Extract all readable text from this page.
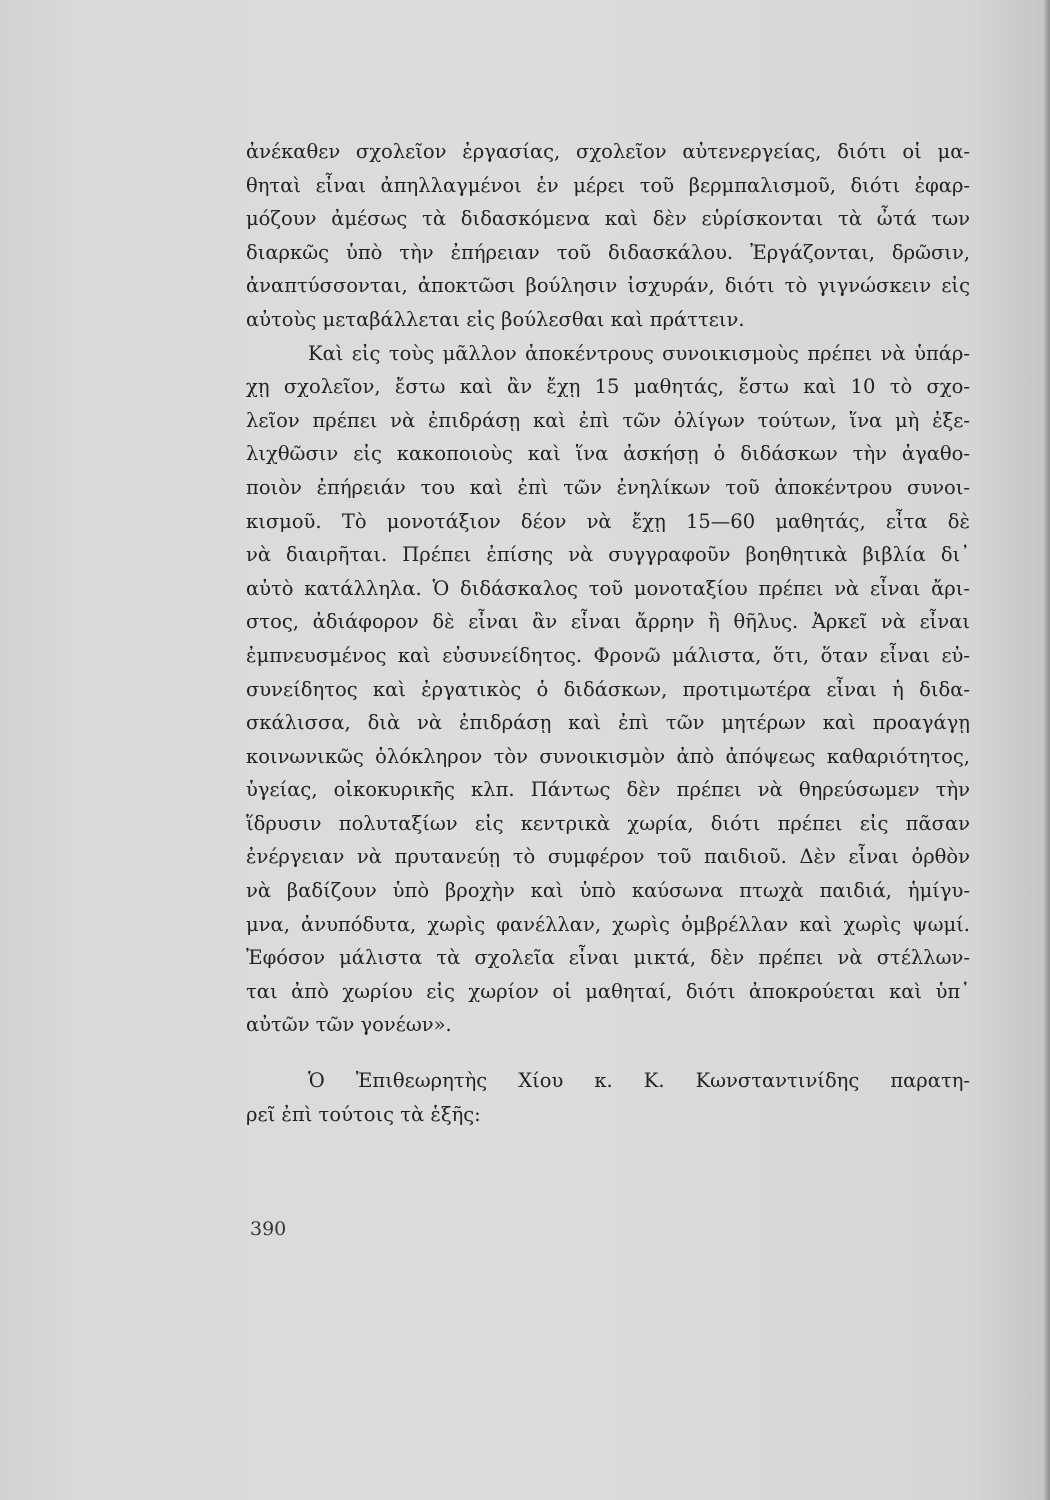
ἀνέκαθεν σχολεῖον ἐργασίας, σχολεῖον αὐτενεργείας, διότι οἱ μα-
θηταὶ εἶναι ἀπηλλαγμένοι ἐν μέρει τοῦ βερμπαλισμοῦ, διότι ἐφαρ-
μόζουν ἀμέσως τὰ διδασκόμενα καὶ δὲν εὑρίσκονται τὰ ὦτά των
διαρκῶς ὑπὸ τὴν ἐπήρειαν τοῦ διδασκάλου. Ἐργάζονται, δρῶσιν,
ἀναπτύσσονται, ἀποκτῶσι βούλησιν ἰσχυράν, διότι τὸ γιγνώσκειν εἰς
αὐτοὺς μεταβάλλεται εἰς βούλεσθαι καὶ πράττειν.
Καὶ εἰς τοὺς μᾶλλον ἀποκέντρους συνοικισμοὺς πρέπει νὰ ὑπάρ-
χῃ σχολεῖον, ἔστω καὶ ἂν ἔχῃ 15 μαθητάς, ἔστω καὶ 10 τὸ σχο-
λεῖον πρέπει νὰ ἐπιδράσῃ καὶ ἐπὶ τῶν ὀλίγων τούτων, ἵνα μὴ ἐξε-
λιχθῶσιν εἰς κακοποιοὺς καὶ ἵνα ἀσκήσῃ ὁ διδάσκων τὴν ἀγαθο-
ποιὸν ἐπήρειάν του καὶ ἐπὶ τῶν ἐνηλίκων τοῦ ἀποκέντρου συνοι-
κισμοῦ. Τὸ μονοτάξιον δέον νὰ ἔχῃ 15—60 μαθητάς, εἶτα δὲ
νὰ διαιρῆται. Πρέπει ἐπίσης νὰ συγγραφοῦν βοηθητικὰ βιβλία δι᾽
αὐτὸ κατάλληλα. Ὁ διδάσκαλος τοῦ μονοταξίου πρέπει νὰ εἶναι ἄρι-
στος, ἀδιάφορον δὲ εἶναι ἂν εἶναι ἄρρην ἢ θῆλυς. Ἀρκεῖ νὰ εἶναι
ἐμπνευσμένος καὶ εὐσυνείδητος. Φρονῶ μάλιστα, ὅτι, ὅταν εἶναι εὐ-
συνείδητος καὶ ἐργατικὸς ὁ διδάσκων, προτιμωτέρα εἶναι ἡ διδα-
σκάλισσα, διὰ νὰ ἐπιδράσῃ καὶ ἐπὶ τῶν μητέρων καὶ προαγάγῃ
κοινωνικῶς ὁλόκληρον τὸν συνοικισμὸν ἀπὸ ἀπόψεως καθαριότητος,
ὑγείας, οἰκοκυρικῆς κλπ. Πάντως δὲν πρέπει νὰ θηρεύσωμεν τὴν
ἵδρυσιν πολυταξίων εἰς κεντρικὰ χωρία, διότι πρέπει εἰς πᾶσαν
ἐνέργειαν νὰ πρυτανεύῃ τὸ συμφέρον τοῦ παιδιοῦ. Δὲν εἶναι ὀρθὸν
νὰ βαδίζουν ὑπὸ βροχὴν καὶ ὑπὸ καύσωνα πτωχὰ παιδιά, ἡμίγυ-
μνα, ἀνυπόδυτα, χωρὶς φανέλλαν, χωρὶς ὀμβρέλλαν καὶ χωρὶς ψωμί.
Ἐφόσον μάλιστα τὰ σχολεῖα εἶναι μικτά, δὲν πρέπει νὰ στέλλων-
ται ἀπὸ χωρίου εἰς χωρίον οἱ μαθηταί, διότι ἀποκρούεται καὶ ὑπ᾽
αὐτῶν τῶν γονέων».
Ὁ Ἐπιθεωρητὴς Χίου κ. Κ. Κωνσταντινίδης παρατη-
ρεῖ ἐπὶ τούτοις τὰ ἑξῆς:
390
